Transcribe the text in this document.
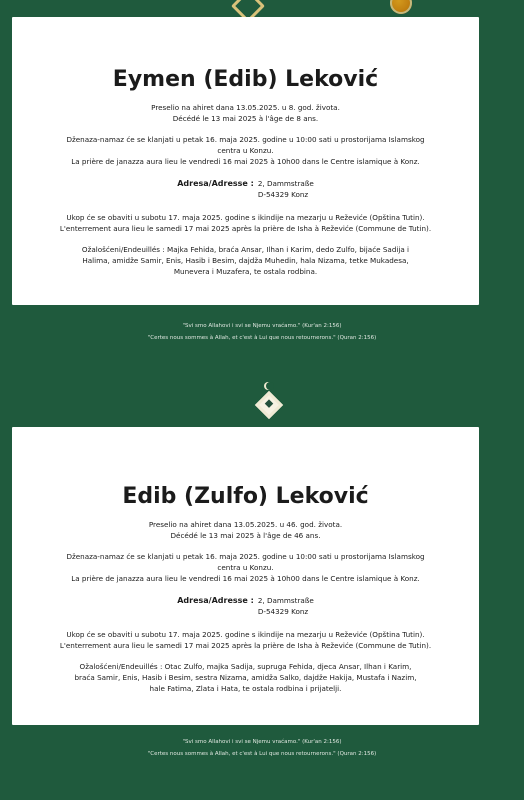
Eymen (Edib) Leković
Preselio na ahiret dana 13.05.2025. u 8. god. života.
Décédé le 13 mai 2025 à l'âge de 8 ans.
Dženaza-namaz će se klanjati u petak 16. maja 2025. godine u 10:00 sati u prostorijama Islamskog
centra u Konzu.
La prière de janazza aura lieu le vendredi 16 mai 2025 à 10h00 dans le Centre islamique à Konz.
Adresa/Adresse : 2, Dammstraße
D-54329 Konz
Ukop će se obaviti u subotu 17. maja 2025. godine s ikindije na mezarju u Reževiće (Opština Tutin).
L'enterrement aura lieu le samedi 17 mai 2025 après la prière de Isha à Reževiće (Commune de Tutin).
Ožalošćeni/Endeuillés : Majka Fehida, braća Ansar, Ilhan i Karim, dedo Zulfo, bijaće Sadija i
Halima, amidže Samir, Enis, Hasib i Besim, dajdža Muhedin, hala Nizama, tetke Mukadesa,
Munevera i Muzafera, te ostala rodbina.
"Svi smo Allahovi i svi se Njemu vraćamo." (Kur'an 2:156)
"Certes nous sommes à Allah, et c'est à Lui que nous retournerons." (Quran 2:156)
Edib (Zulfo) Leković
Preselio na ahiret dana 13.05.2025. u 46. god. života.
Décédé le 13 mai 2025 à l'âge de 46 ans.
Dženaza-namaz će se klanjati u petak 16. maja 2025. godine u 10:00 sati u prostorijama Islamskog
centra u Konzu.
La prière de janazza aura lieu le vendredi 16 mai 2025 à 10h00 dans le Centre islamique à Konz.
Adresa/Adresse : 2, Dammstraße
D-54329 Konz
Ukop će se obaviti u subotu 17. maja 2025. godine s ikindije na mezarju u Reževiće (Opština Tutin).
L'enterrement aura lieu le samedi 17 mai 2025 après la prière de Isha à Reževiće (Commune de Tutin).
Ožalošćeni/Endeuillés : Otac Zulfo, majka Sadija, supruga Fehida, djeca Ansar, Ilhan i Karim,
braća Samir, Enis, Hasib i Besim, sestra Nizama, amidža Salko, dajdže Hakija, Mustafa i Nazim,
hale Fatima, Zlata i Hata, te ostala rodbina i prijatelji.
"Svi smo Allahovi i svi se Njemu vraćamo." (Kur'an 2:156)
"Certes nous sommes à Allah, et c'est à Lui que nous retournerons." (Quran 2:156)
